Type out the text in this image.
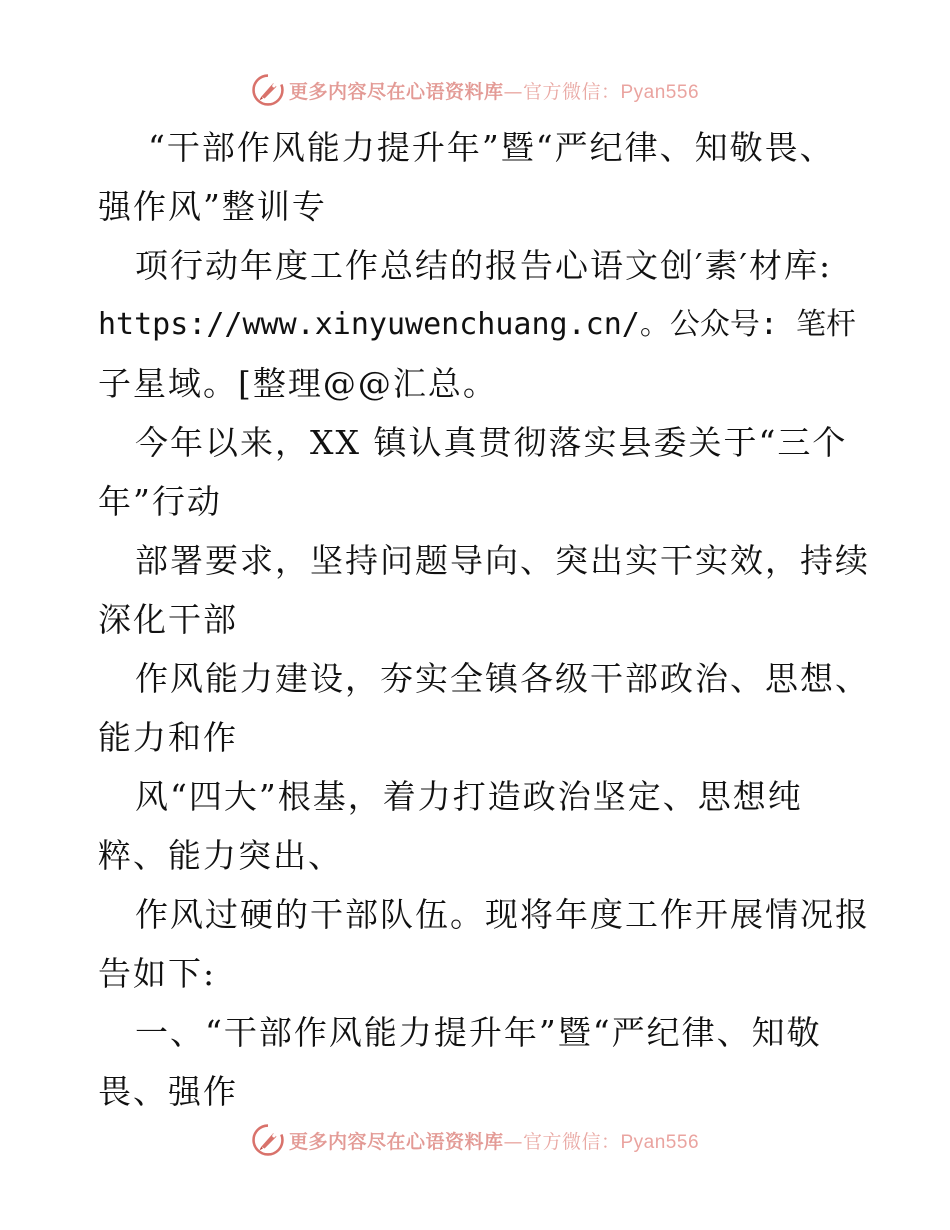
更多内容尽在心语资料库—官方微信：Pyan556
“干部作风能力提升年”暨“严纪律、知敬畏、
强作风”整训专
项行动年度工作总结的报告心语文创′素′材库:
https://www.xinyuwenchuang.cn/。公众号: 笔杆
子星域。[整理@@汇总。
今年以来，XX 镇认真贯彻落实县委关于“三个
年”行动
部署要求，坚持问题导向、突出实干实效，持续
深化干部
作风能力建设，夯实全镇各级干部政治、思想、
能力和作
风“四大”根基，着力打造政治坚定、思想纯
粹、能力突出、
作风过硬的干部队伍。现将年度工作开展情况报
告如下:
一、“干部作风能力提升年”暨“严纪律、知敬
畏、强作
更多内容尽在心语资料库—官方微信：Pyan556
